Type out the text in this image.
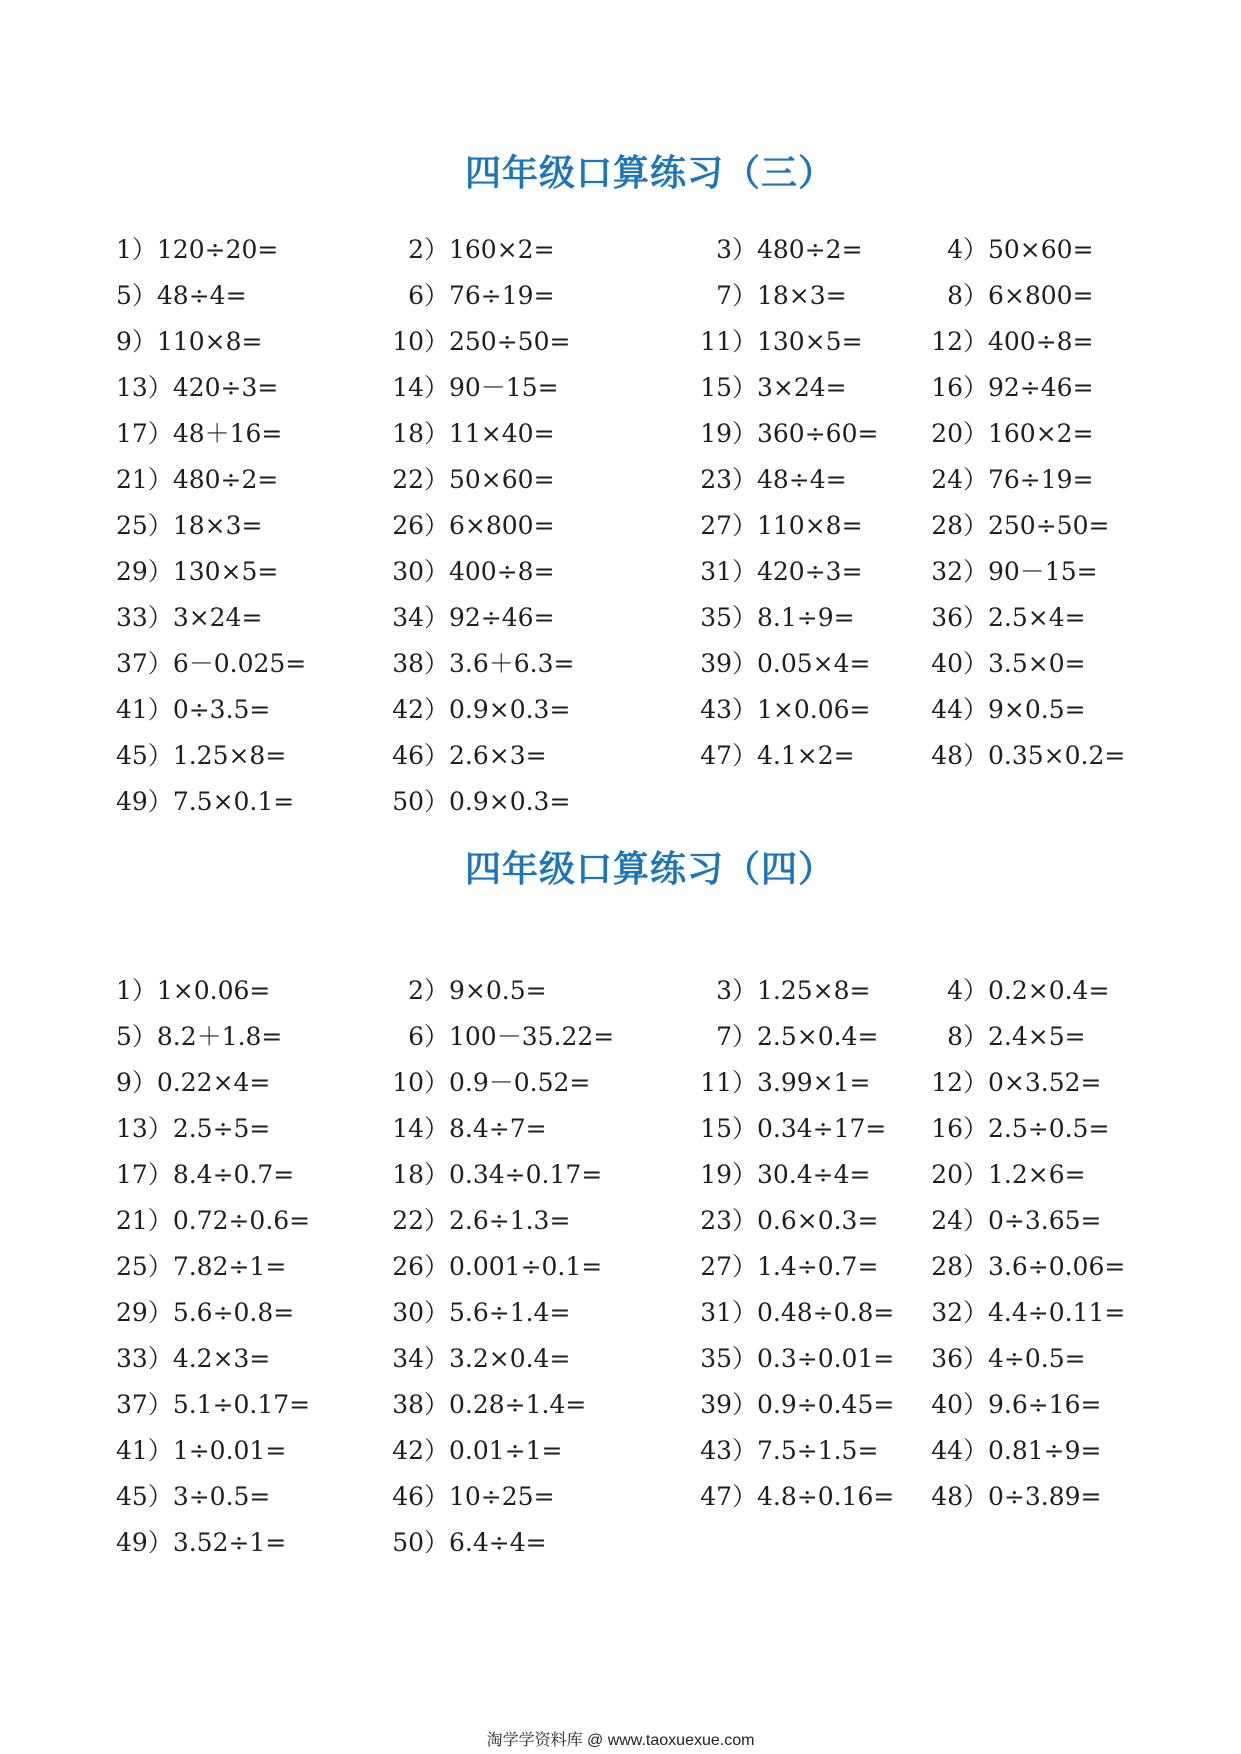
四年级口算练习（三）
1）120÷20=	2）160×2=	3）480÷2=	4）50×60=
5）48÷4=	6）76÷19=	7）18×3=	8）6×800=
9）110×8=	10）250÷50=	11）130×5=	12）400÷8=
13）420÷3=	14）90－15=	15）3×24=	16）92÷46=
17）48＋16=	18）11×40=	19）360÷60=	20）160×2=
21）480÷2=	22）50×60=	23）48÷4=	24）76÷19=
25）18×3=	26）6×800=	27）110×8=	28）250÷50=
29）130×5=	30）400÷8=	31）420÷3=	32）90－15=
33）3×24=	34）92÷46=	35）8.1÷9=	36）2.5×4=
37）6－0.025=	38）3.6＋6.3=	39）0.05×4=	40）3.5×0=
41）0÷3.5=	42）0.9×0.3=	43）1×0.06=	44）9×0.5=
45）1.25×8=	46）2.6×3=	47）4.1×2=	48）0.35×0.2=
49）7.5×0.1=	50）0.9×0.3=
四年级口算练习（四）
1）1×0.06=	2）9×0.5=	3）1.25×8=	4）0.2×0.4=
5）8.2＋1.8=	6）100－35.22=	7）2.5×0.4=	8）2.4×5=
9）0.22×4=	10）0.9－0.52=	11）3.99×1=	12）0×3.52=
13）2.5÷5=	14）8.4÷7=	15）0.34÷17=	16）2.5÷0.5=
17）8.4÷0.7=	18）0.34÷0.17=	19）30.4÷4=	20）1.2×6=
21）0.72÷0.6=	22）2.6÷1.3=	23）0.6×0.3=	24）0÷3.65=
25）7.82÷1=	26）0.001÷0.1=	27）1.4÷0.7=	28）3.6÷0.06=
29）5.6÷0.8=	30）5.6÷1.4=	31）0.48÷0.8=	32）4.4÷0.11=
33）4.2×3=	34）3.2×0.4=	35）0.3÷0.01=	36）4÷0.5=
37）5.1÷0.17=	38）0.28÷1.4=	39）0.9÷0.45=	40）9.6÷16=
41）1÷0.01=	42）0.01÷1=	43）7.5÷1.5=	44）0.81÷9=
45）3÷0.5=	46）10÷25=	47）4.8÷0.16=	48）0÷3.89=
49）3.52÷1=	50）6.4÷4=
淘学学资料库 @ www.taoxuexue.com
